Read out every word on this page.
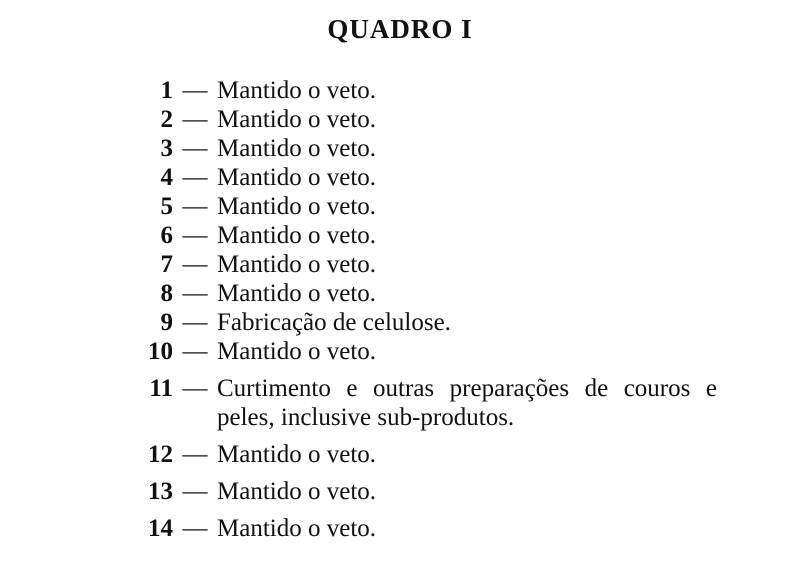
QUADRO I
1 — Mantido o veto.
2 — Mantido o veto.
3 — Mantido o veto.
4 — Mantido o veto.
5 — Mantido o veto.
6 — Mantido o veto.
7 — Mantido o veto.
8 — Mantido o veto.
9 — Fabricação de celulose.
10 — Mantido o veto.
11 — Curtimento e outras preparações de couros e peles, inclusive sub-produtos.
12 — Mantido o veto.
13 — Mantido o veto.
14 — Mantido o veto.
